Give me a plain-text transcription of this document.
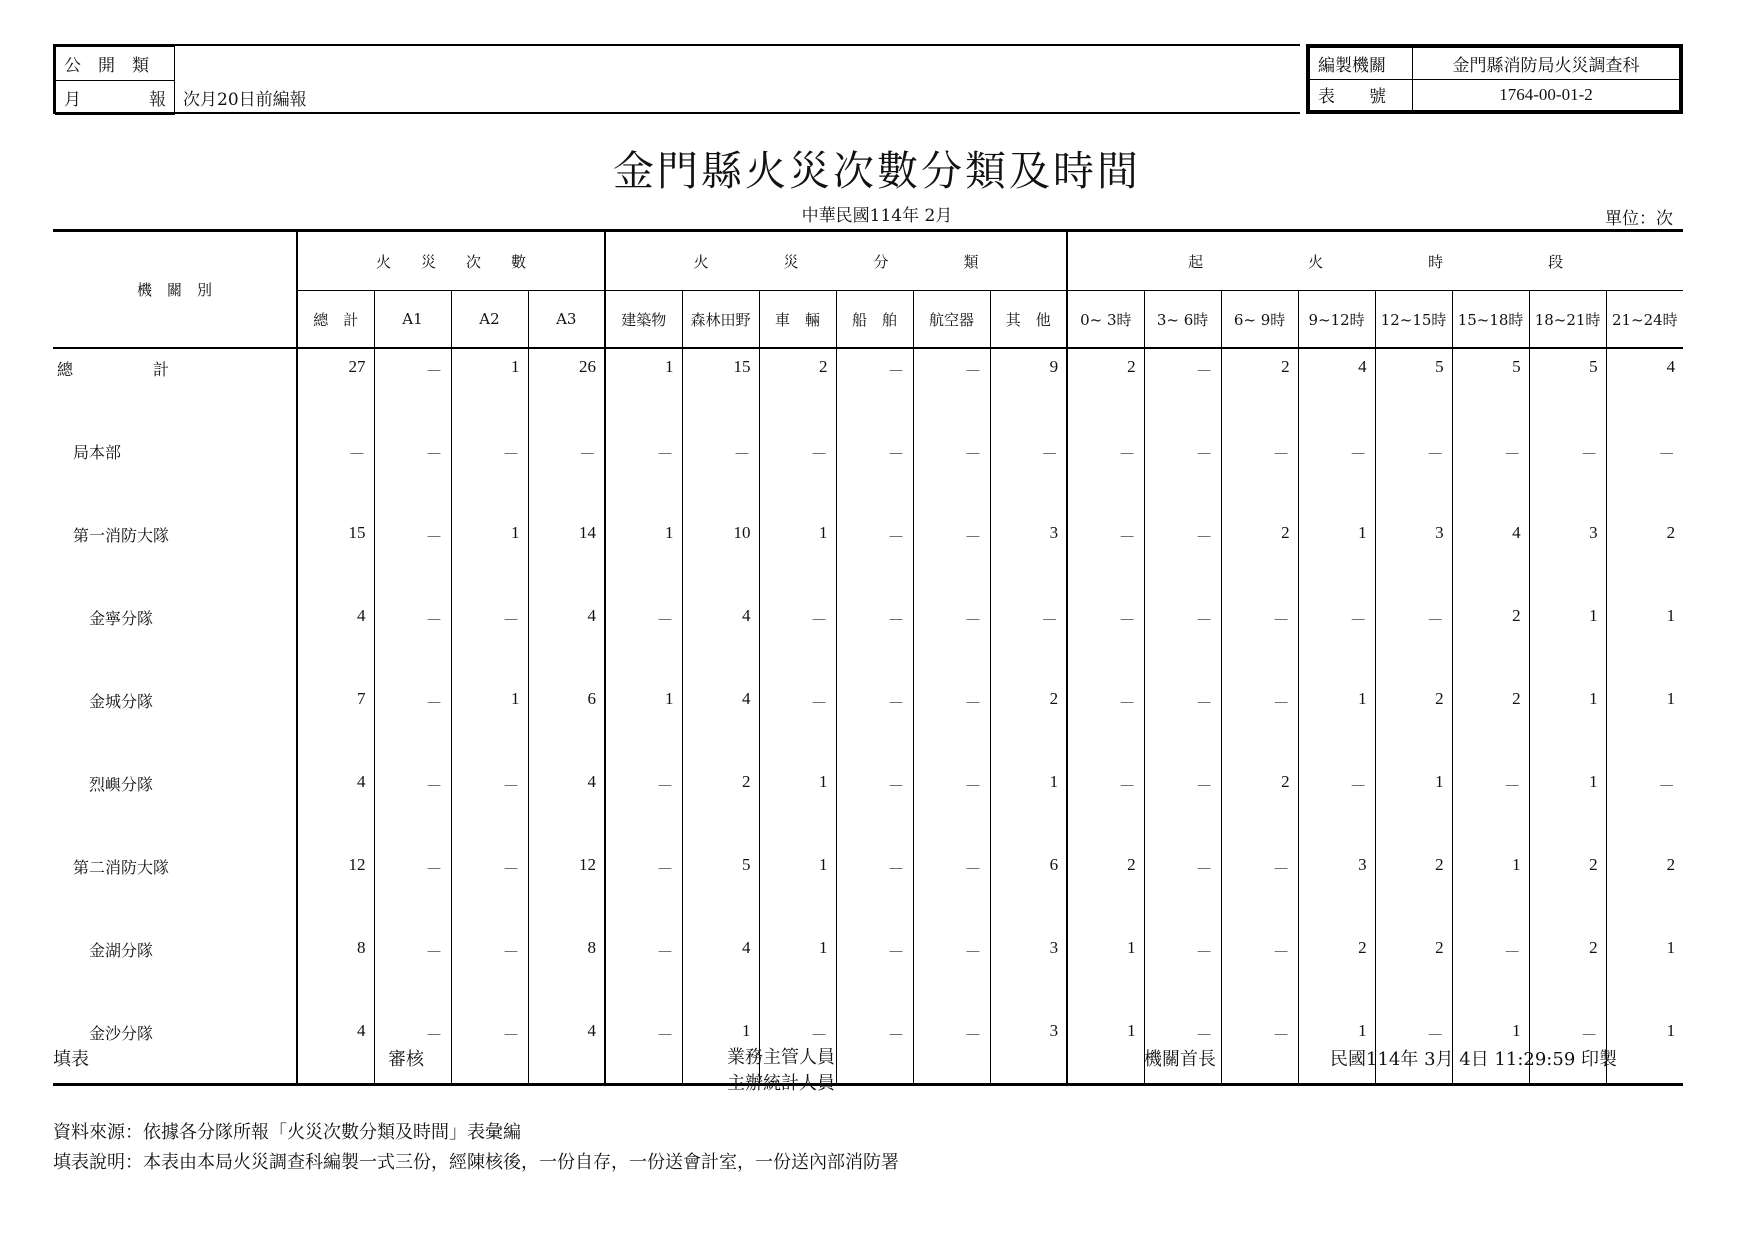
公　開　類	
月　　　　報	次月20日前編報
編製機關	金門縣消防局火災調查科
表　　號	1764-00-01-2
金門縣火災次數分類及時間
中華民國114年 2月	單位：次
機　關　別	火　　災　　次　　數				火　　　　　災　　　　　分　　　　　類						起　　　　　　　火　　　　　　　時　　　　　　　段							
	總　計	A1	A2	A3	建築物	森林田野	車　輛	船　舶	航空器	其　他	0~ 3時	3~ 6時	6~ 9時	9~12時	12~15時	15~18時	18~21時	21~24時
總　　　　　計	27	－	1	26	1	15	2	－	－	9	2	－	2	4	5	5	5	4
　局本部	－	－	－	－	－	－	－	－	－	－	－	－	－	－	－	－	－	－
　第一消防大隊	15	－	1	14	1	10	1	－	－	3	－	－	2	1	3	4	3	2
　　金寧分隊	4	－	－	4	－	4	－	－	－	－	－	－	－	－	－	2	1	1
　　金城分隊	7	－	1	6	1	4	－	－	－	2	－	－	－	1	2	2	1	1
　　烈嶼分隊	4	－	－	4	－	2	1	－	－	1	－	－	2	－	1	－	1	－
　第二消防大隊	12	－	－	12	－	5	1	－	－	6	2	－	－	3	2	1	2	2
　　金湖分隊	8	－	－	8	－	4	1	－	－	3	1	－	－	2	2	－	2	1
　　金沙分隊	4	－	－	4	－	1	－	－	－	3	1	－	－	1	－	1	－	1
填表	審核	業務主管人員
主辦統計人員
機關首長	民國114年 3月 4日 11:29:59 印製
資料來源：依據各分隊所報「火災次數分類及時間」表彙編
填表說明：本表由本局火災調查科編製一式三份，經陳核後，一份自存，一份送會計室，一份送內部消防署
